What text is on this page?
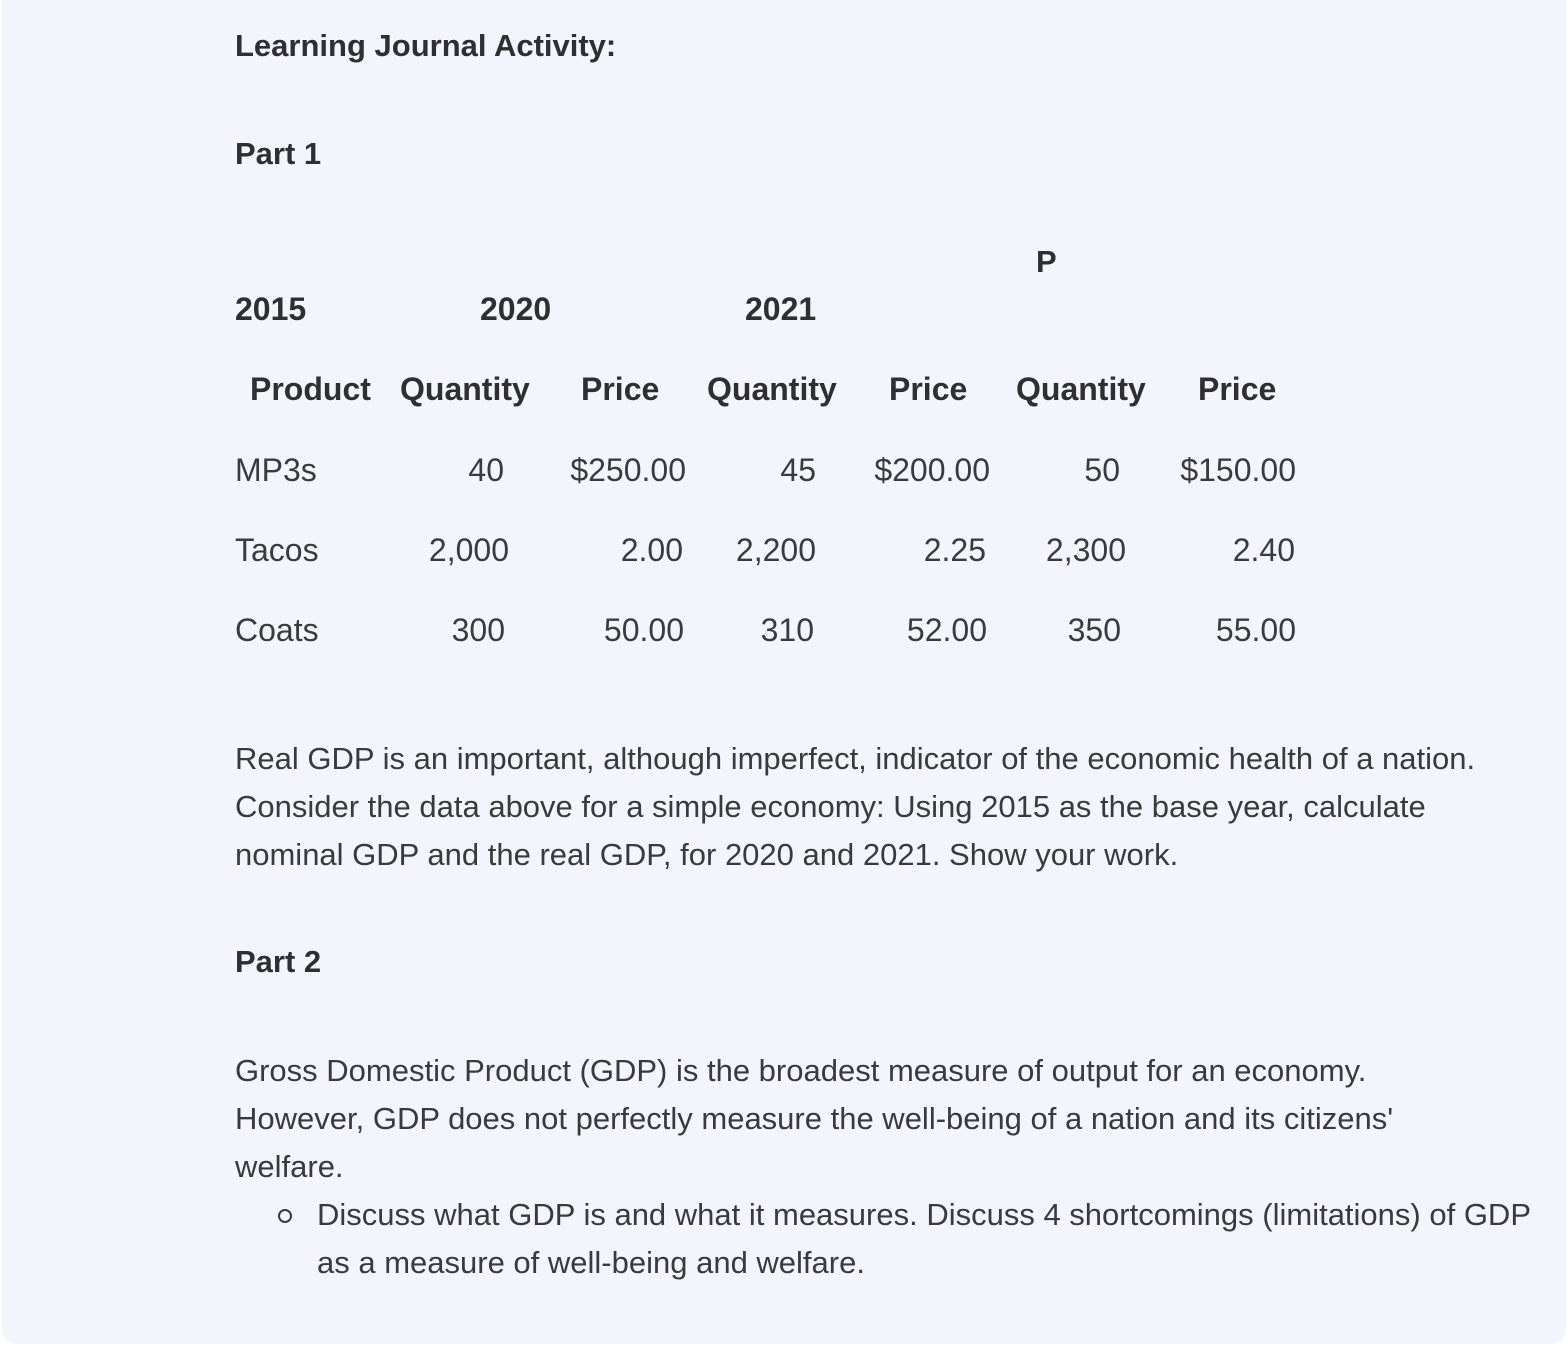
Learning Journal Activity:
Part 1
P
2015	2020	2021
Product Quantity Price Quantity Price Quantity Price
MP3s	40	$250.00	45	$200.00	50	$150.00
Tacos	2,000	2.00	2,200	2.25	2,300	2.40
Coats	300	50.00	310	52.00	350	55.00
Real GDP is an important, although imperfect, indicator of the economic health of a nation. Consider the data above for a simple economy: Using 2015 as the base year, calculate nominal GDP and the real GDP, for 2020 and 2021. Show your work.
Part 2
Gross Domestic Product (GDP) is the broadest measure of output for an economy. However, GDP does not perfectly measure the well-being of a nation and its citizens' welfare.
Discuss what GDP is and what it measures. Discuss 4 shortcomings (limitations) of GDP as a measure of well-being and welfare.
